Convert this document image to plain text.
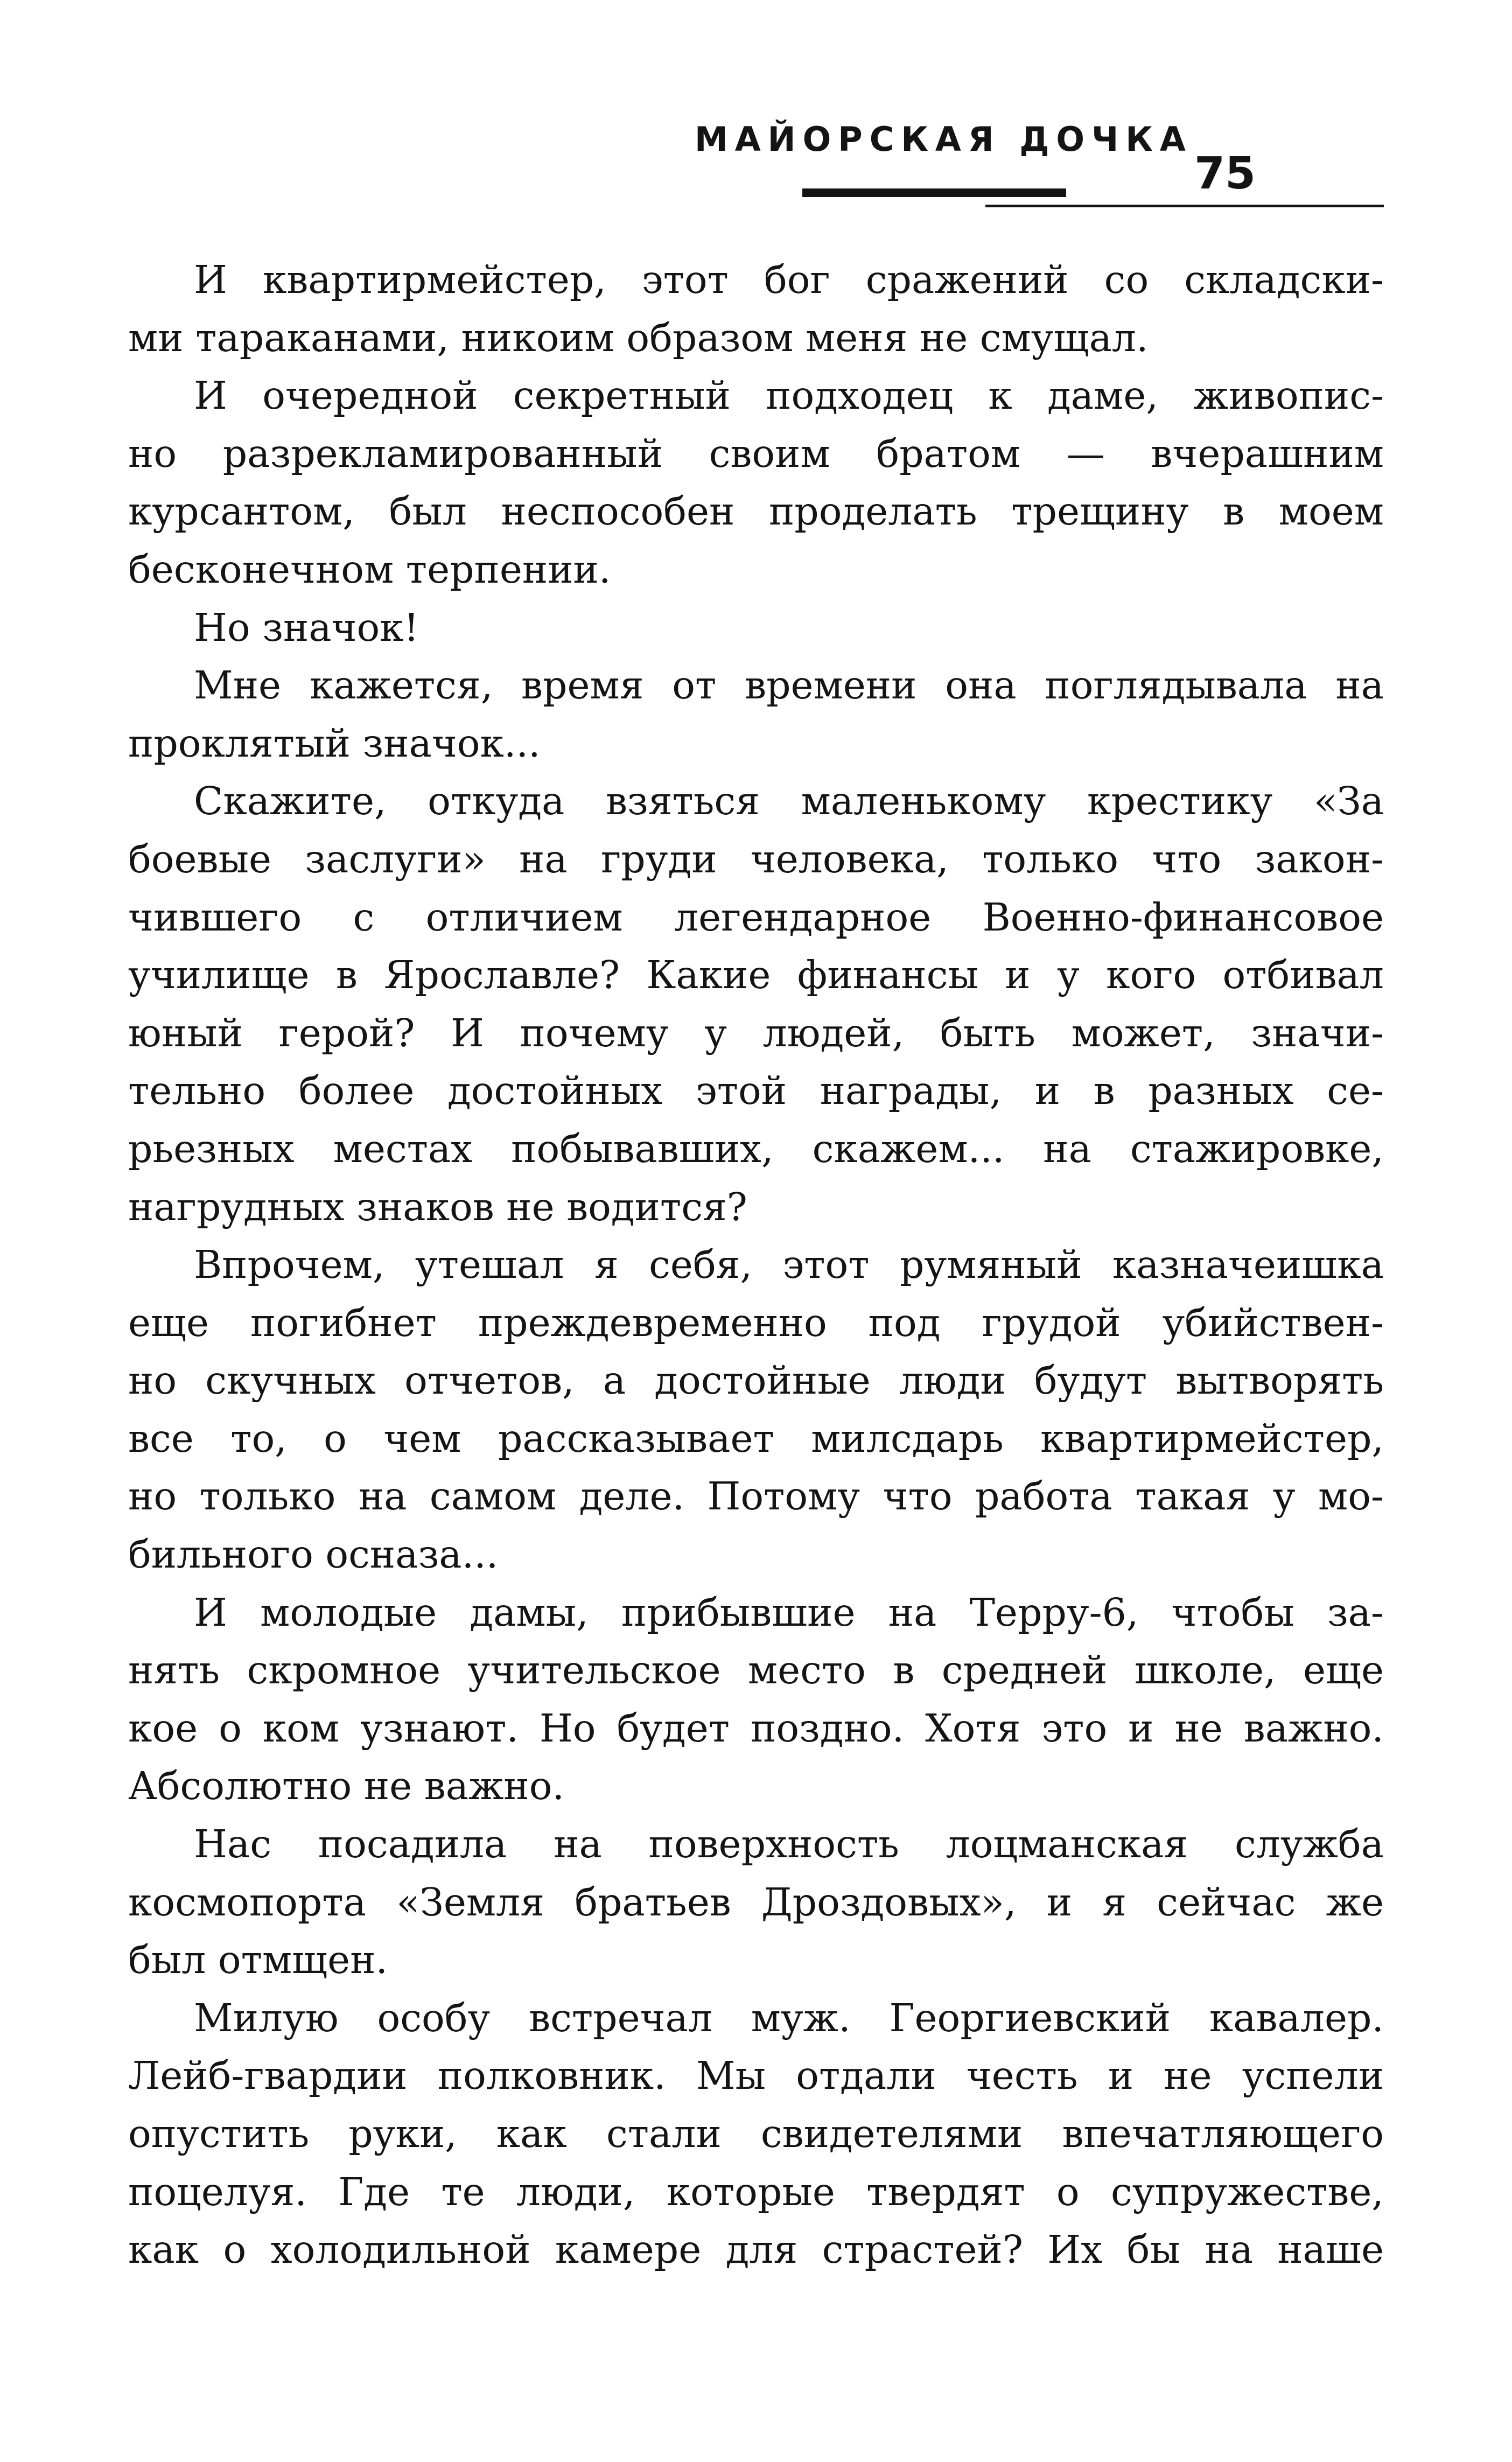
МАЙОРСКАЯ ДОЧКА
75
И квартирмейстер, этот бог сражений со складски-
ми тараканами, никоим образом меня не смущал.
И очередной секретный подходец к даме, живопис-
но разрекламированный своим братом — вчерашним
курсантом, был неспособен проделать трещину в моем
бесконечном терпении.
Но значок!
Мне кажется, время от времени она поглядывала на
проклятый значок...
Скажите, откуда взяться маленькому крестику «За
боевые заслуги» на груди человека, только что закон-
чившего с отличием легендарное Военно-финансовое
училище в Ярославле? Какие финансы и у кого отбивал
юный герой? И почему у людей, быть может, значи-
тельно более достойных этой награды, и в разных се-
рьезных местах побывавших, скажем... на стажировке,
нагрудных знаков не водится?
Впрочем, утешал я себя, этот румяный казначеишка
еще погибнет преждевременно под грудой убийствен-
но скучных отчетов, а достойные люди будут вытворять
все то, о чем рассказывает милсдарь квартирмейстер,
но только на самом деле. Потому что работа такая у мо-
бильного осназа...
И молодые дамы, прибывшие на Терру-6, чтобы за-
нять скромное учительское место в средней школе, еще
кое о ком узнают. Но будет поздно. Хотя это и не важно.
Абсолютно не важно.
Нас посадила на поверхность лоцманская служба
космопорта «Земля братьев Дроздовых», и я сейчас же
был отмщен.
Милую особу встречал муж. Георгиевский кавалер.
Лейб-гвардии полковник. Мы отдали честь и не успели
опустить руки, как стали свидетелями впечатляющего
поцелуя. Где те люди, которые твердят о супружестве,
как о холодильной камере для страстей? Их бы на наше
